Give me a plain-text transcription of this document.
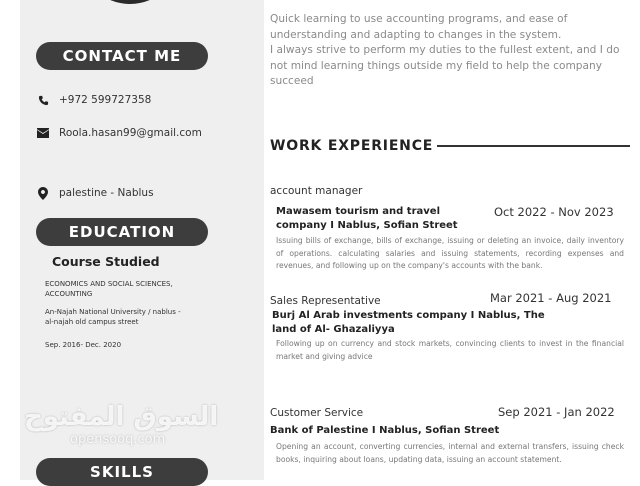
CONTACT ME
+972 599727358
Roola.hasan99@gmail.com
palestine - Nablus
EDUCATION
Course Studied
ECONOMICS AND SOCIAL SCIENCES,
ACCOUNTING
An-Najah National University / nablus -
al-najah old campus street
Sep. 2016- Dec. 2020
السوق المفتوح
opensooq.com
SKILLS

Quick learning to use accounting programs, and ease of understanding and adapting to changes in the system.

I always strive to perform my duties to the fullest extent, and I do not mind learning things outside my field to help the company succeed

WORK EXPERIENCE
account manager
Mawasem tourism and travel
company I Nablus, Sofian Street
Oct 2022 - Nov 2023
Issuing bills of exchange, bills of exchange, issuing or deleting an invoice, daily inventory of operations. calculating salaries and issuing statements, recording expenses and revenues, and following up on the company's accounts with the bank.
Sales Representative
Burj Al Arab investments company I Nablus, The
land of Al- Ghazaliyya
Mar 2021 - Aug 2021
Following up on currency and stock markets, convincing clients to invest in the financial market and giving advice
Customer Service
Bank of Palestine I Nablus, Sofian Street
Sep 2021 - Jan 2022
Opening an account, converting currencies, internal and external transfers, issuing check books, inquiring about loans, updating data, issuing an account statement.
